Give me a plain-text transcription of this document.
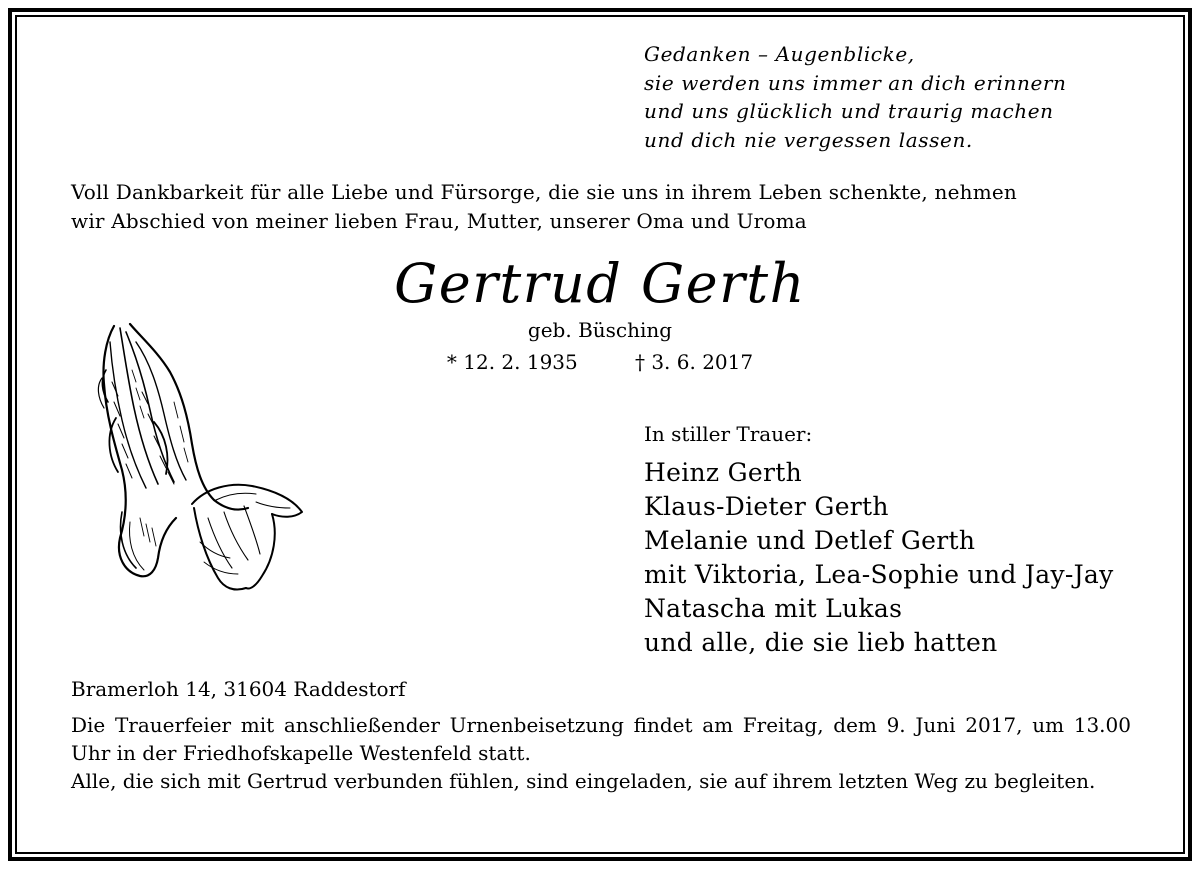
Gedanken – Augenblicke,
sie werden uns immer an dich erinnern
und uns glücklich und traurig machen
und dich nie vergessen lassen.
Voll Dankbarkeit für alle Liebe und Fürsorge, die sie uns in ihrem Leben schenkte, nehmen
wir Abschied von meiner lieben Frau, Mutter, unserer Oma und Uroma
Gertrud Gerth
geb. Büsching
* 12. 2. 1935	† 3. 6. 2017
In stiller Trauer:
Heinz Gerth
Klaus-Dieter Gerth
Melanie und Detlef Gerth
mit Viktoria, Lea-Sophie und Jay-Jay
Natascha mit Lukas
und alle, die sie lieb hatten
Bramerloh 14, 31604 Raddestorf

Die Trauerfeier mit anschließender Urnenbeisetzung findet am Freitag, dem 9. Juni 2017, um 13.00 Uhr in der Friedhofskapelle Westenfeld statt.

Alle, die sich mit Gertrud verbunden fühlen, sind eingeladen, sie auf ihrem letzten Weg zu begleiten.
